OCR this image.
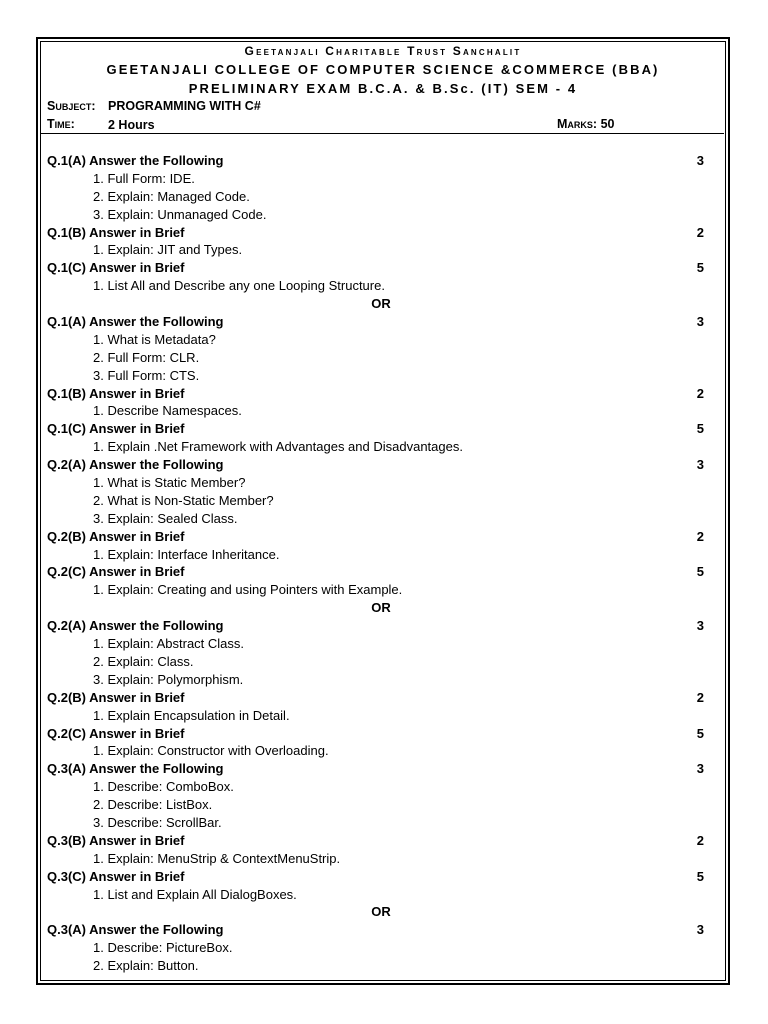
Geetanjali Charitable Trust Sanchalit
GEETANJALI COLLEGE OF COMPUTER SCIENCE &COMMERCE (BBA)
PRELIMINARY EXAM B.C.A. & B.Sc. (IT) SEM - 4
Subject: PROGRAMMING WITH C#
Time:	2 Hours	Marks: 50
Q.1(A) Answer the Following	3
1. Full Form: IDE.
2. Explain: Managed Code.
3. Explain: Unmanaged Code.
Q.1(B) Answer in Brief	2
1. Explain: JIT and Types.
Q.1(C) Answer in Brief	5
1. List All and Describe any one Looping Structure.
OR
Q.1(A) Answer the Following	3
1. What is Metadata?
2. Full Form: CLR.
3. Full Form: CTS.
Q.1(B) Answer in Brief	2
1. Describe Namespaces.
Q.1(C) Answer in Brief	5
1. Explain .Net Framework with Advantages and Disadvantages.
Q.2(A) Answer the Following	3
1. What is Static Member?
2. What is Non-Static Member?
3. Explain: Sealed Class.
Q.2(B) Answer in Brief	2
1. Explain: Interface Inheritance.
Q.2(C) Answer in Brief	5
1. Explain: Creating and using Pointers with Example.
OR
Q.2(A) Answer the Following	3
1. Explain: Abstract Class.
2. Explain: Class.
3. Explain: Polymorphism.
Q.2(B) Answer in Brief	2
1. Explain Encapsulation in Detail.
Q.2(C) Answer in Brief	5
1. Explain: Constructor with Overloading.
Q.3(A) Answer the Following	3
1. Describe: ComboBox.
2. Describe: ListBox.
3. Describe: ScrollBar.
Q.3(B) Answer in Brief	2
1. Explain: MenuStrip & ContextMenuStrip.
Q.3(C) Answer in Brief	5
1. List and Explain All DialogBoxes.
OR
Q.3(A) Answer the Following	3
1. Describe: PictureBox.
2. Explain: Button.
